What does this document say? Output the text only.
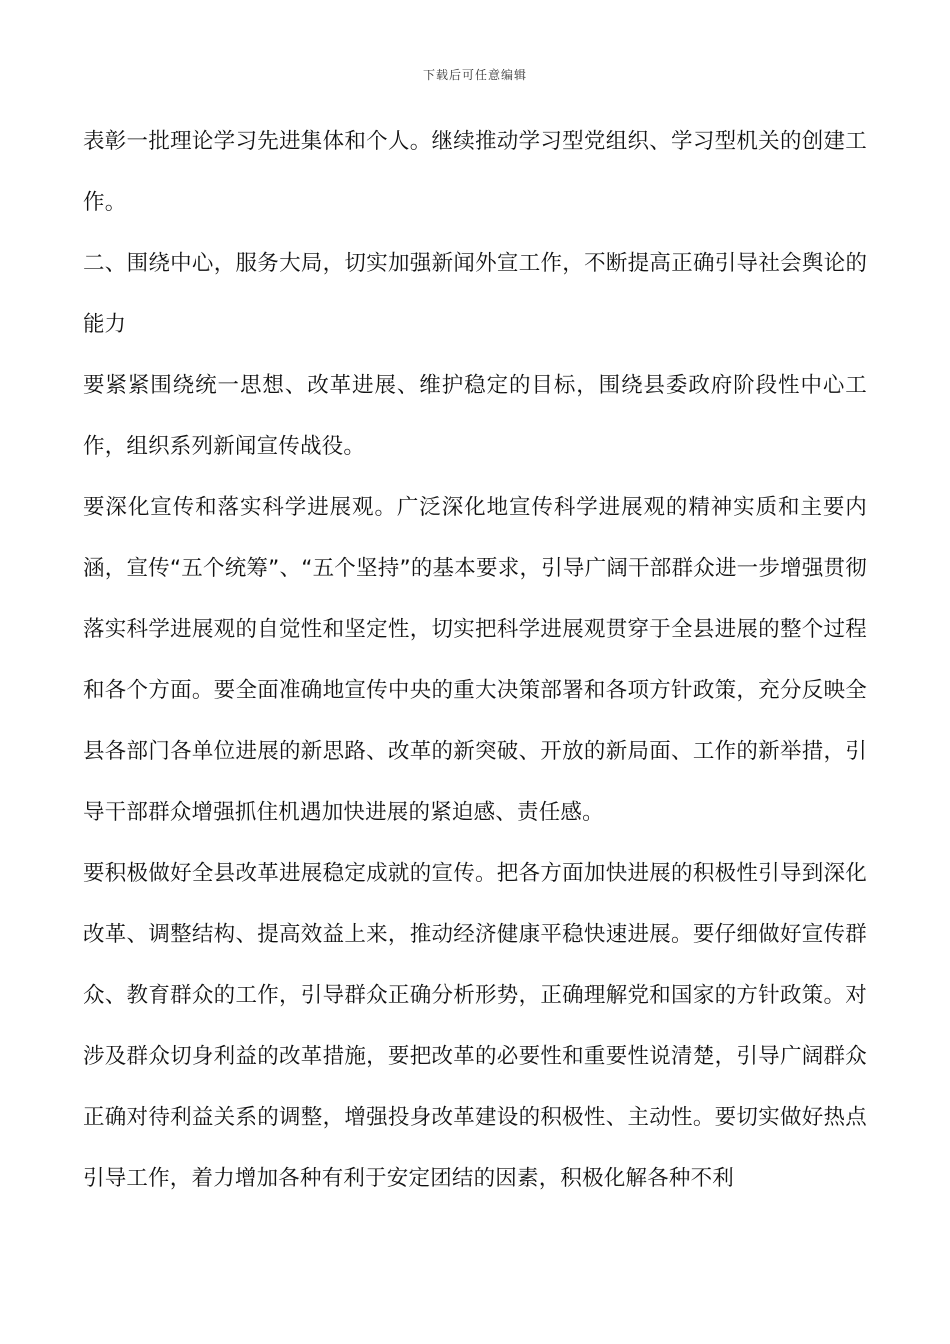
下载后可任意编辑

表彰一批理论学习先进集体和个人。继续推动学习型党组织、学习型机关的创建工作。

二、围绕中心，服务大局，切实加强新闻外宣工作，不断提高正确引导社会舆论的能力

要紧紧围绕统一思想、改革进展、维护稳定的目标，围绕县委政府阶段性中心工作，组织系列新闻宣传战役。

要深化宣传和落实科学进展观。广泛深化地宣传科学进展观的精神实质和主要内涵，宣传“五个统筹”、“五个坚持”的基本要求，引导广阔干部群众进一步增强贯彻落实科学进展观的自觉性和坚定性，切实把科学进展观贯穿于全县进展的整个过程和各个方面。要全面准确地宣传中央的重大决策部署和各项方针政策，充分反映全县各部门各单位进展的新思路、改革的新突破、开放的新局面、工作的新举措，引导干部群众增强抓住机遇加快进展的紧迫感、责任感。

要积极做好全县改革进展稳定成就的宣传。把各方面加快进展的积极性引导到深化改革、调整结构、提高效益上来，推动经济健康平稳快速进展。要仔细做好宣传群众、教育群众的工作，引导群众正确分析形势，正确理解党和国家的方针政策。对涉及群众切身利益的改革措施，要把改革的必要性和重要性说清楚，引导广阔群众正确对待利益关系的调整，增强投身改革建设的积极性、主动性。要切实做好热点引导工作，着力增加各种有利于安定团结的因素，积极化解各种不利
